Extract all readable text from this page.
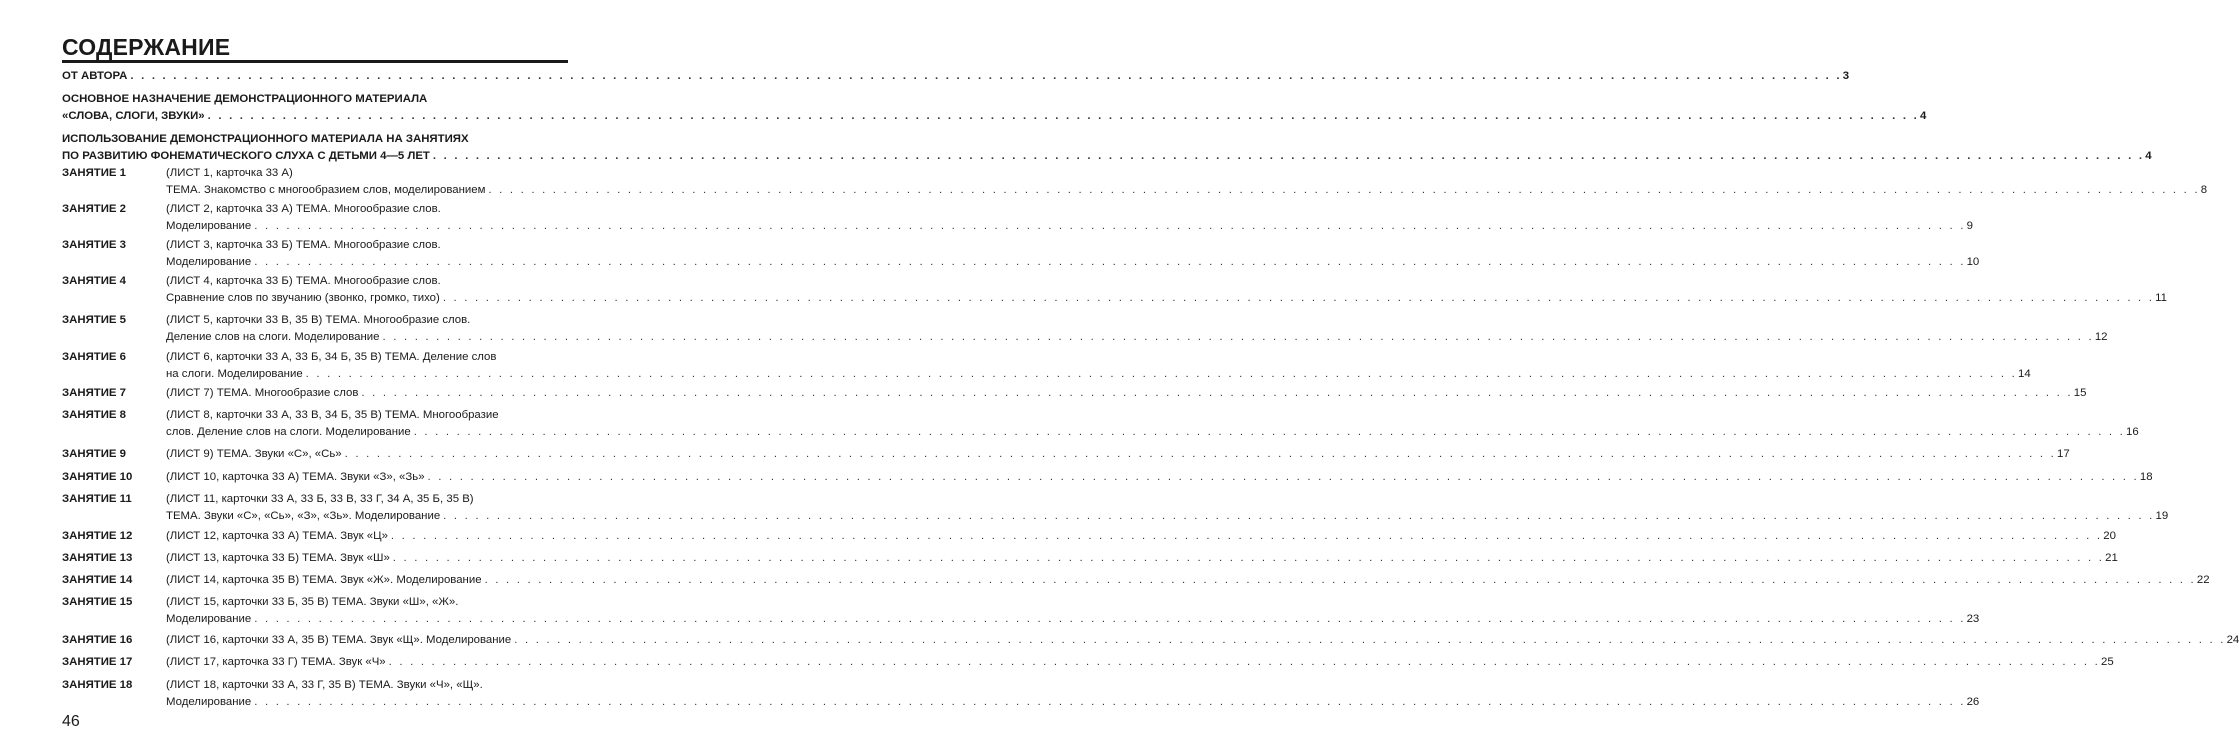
СОДЕРЖАНИЕ
ОТ АВТОРА . . . . . . . . . . . . . . . . . . . . . . . . . . . . . . . . . . . . . . . . . . . . . . . . . . . . . . . . . . . . . . . . . . . . . . . . . . . . . . . . . . . . . . . . . . . . . . . . . . . . . . . . . . . . . . . . . . . . . . . . . . . . . . . . . . . . . . . . . . . . . . . . . . . . . . . . . . . . . . . . 3
ОСНОВНОЕ НАЗНАЧЕНИЕ ДЕМОНСТРАЦИОННОГО МАТЕРИАЛА
«СЛОВА, СЛОГИ, ЗВУКИ» . . . . . . . . . . . . . . . . . . . . . . . . . . . . . . . . . . . . . . . . . . . . . . . . . . . . . . . . . . . . . . . . . . . . . . . . . . . . . . . . . . . . . . . . . . . . . . . . . . . . . . . . . . . . . . . . . . . . . . . . . . . . . . . . . . . . . . . . . . . . . . . . . . . . . . . . . . . . . . . . 4
ИСПОЛЬЗОВАНИЕ ДЕМОНСТРАЦИОННОГО МАТЕРИАЛА НА ЗАНЯТИЯХ
ПО РАЗВИТИЮ ФОНЕМАТИЧЕСКОГО СЛУХА С ДЕТЬМИ 4—5 ЛЕТ . . . . . . . . . . . . . . . . . . . . . . . . . . . . . . . . . . . . . . . . . . . . . . . . . . . . . . . . . . . . . . . . . . . . . . . . . . . . . . . . . . . . . . . . . . . . . . . . . . . . . . . . . . . . . . . . . . . . . . . . . . . . . . . . . . . . . . . . . . . . . . . . . . . . . . . . . . . . . . . . 4
ЗАНЯТИЕ 1	(ЛИСТ 1, карточка 33 А)
ТЕМА. Знакомство с многообразием слов, моделированием . . . . . . . . . . . . . . . . . . . . . . . . . . . . . . . . . . . . . . . . . . . . . . . . . . . . . . . . . . . . . . . . . . . . . . . . . . . . . . . . . . . . . . . . . . . . . . . . . . . . . . . . . . . . . . . . . . . . . . . . . . . . . . . . . . . . . . . . . . . . . . . . . . . . . . . . . . . . . . . . 8
ЗАНЯТИЕ 2	(ЛИСТ 2, карточка 33 А) ТЕМА. Многообразие слов.
Моделирование . . . . . . . . . . . . . . . . . . . . . . . . . . . . . . . . . . . . . . . . . . . . . . . . . . . . . . . . . . . . . . . . . . . . . . . . . . . . . . . . . . . . . . . . . . . . . . . . . . . . . . . . . . . . . . . . . . . . . . . . . . . . . . . . . . . . . . . . . . . . . . . . . . . . . . . . . . . . . . . . 9
ЗАНЯТИЕ 3	(ЛИСТ 3, карточка 33 Б) ТЕМА. Многообразие слов.
Моделирование . . . . . . . . . . . . . . . . . . . . . . . . . . . . . . . . . . . . . . . . . . . . . . . . . . . . . . . . . . . . . . . . . . . . . . . . . . . . . . . . . . . . . . . . . . . . . . . . . . . . . . . . . . . . . . . . . . . . . . . . . . . . . . . . . . . . . . . . . . . . . . . . . . . . . . . . . . . . . . . . 10
ЗАНЯТИЕ 4	(ЛИСТ 4, карточка 33 Б) ТЕМА. Многообразие слов.
Сравнение слов по звучанию (звонко, громко, тихо) . . . . . . . . . . . . . . . . . . . . . . . . . . . . . . . . . . . . . . . . . . . . . . . . . . . . . . . . . . . . . . . . . . . . . . . . . . . . . . . . . . . . . . . . . . . . . . . . . . . . . . . . . . . . . . . . . . . . . . . . . . . . . . . . . . . . . . . . . . . . . . . . . . . . . . . . . . . . . . . . 11
ЗАНЯТИЕ 5	(ЛИСТ 5, карточки 33 В, 35 В) ТЕМА. Многообразие слов.
Деление слов на слоги. Моделирование . . . . . . . . . . . . . . . . . . . . . . . . . . . . . . . . . . . . . . . . . . . . . . . . . . . . . . . . . . . . . . . . . . . . . . . . . . . . . . . . . . . . . . . . . . . . . . . . . . . . . . . . . . . . . . . . . . . . . . . . . . . . . . . . . . . . . . . . . . . . . . . . . . . . . . . . . . . . . . . . 12
ЗАНЯТИЕ 6	(ЛИСТ 6, карточки 33 А, 33 Б, 34 Б, 35 В) ТЕМА. Деление слов
на слоги. Моделирование . . . . . . . . . . . . . . . . . . . . . . . . . . . . . . . . . . . . . . . . . . . . . . . . . . . . . . . . . . . . . . . . . . . . . . . . . . . . . . . . . . . . . . . . . . . . . . . . . . . . . . . . . . . . . . . . . . . . . . . . . . . . . . . . . . . . . . . . . . . . . . . . . . . . . . . . . . . . . . . . 14
ЗАНЯТИЕ 7	(ЛИСТ 7) ТЕМА. Многообразие слов . . . . . . . . . . . . . . . . . . . . . . . . . . . . . . . . . . . . . . . . . . . . . . . . . . . . . . . . . . . . . . . . . . . . . . . . . . . . . . . . . . . . . . . . . . . . . . . . . . . . . . . . . . . . . . . . . . . . . . . . . . . . . . . . . . . . . . . . . . . . . . . . . . . . . . . . . . . . . . . . 15
ЗАНЯТИЕ 8	(ЛИСТ 8, карточки 33 А, 33 В, 34 Б, 35 В) ТЕМА. Многообразие
слов. Деление слов на слоги. Моделирование . . . . . . . . . . . . . . . . . . . . . . . . . . . . . . . . . . . . . . . . . . . . . . . . . . . . . . . . . . . . . . . . . . . . . . . . . . . . . . . . . . . . . . . . . . . . . . . . . . . . . . . . . . . . . . . . . . . . . . . . . . . . . . . . . . . . . . . . . . . . . . . . . . . . . . . . . . . . . . . . 16
ЗАНЯТИЕ 9	(ЛИСТ 9) ТЕМА. Звуки «С», «Сь» . . . . . . . . . . . . . . . . . . . . . . . . . . . . . . . . . . . . . . . . . . . . . . . . . . . . . . . . . . . . . . . . . . . . . . . . . . . . . . . . . . . . . . . . . . . . . . . . . . . . . . . . . . . . . . . . . . . . . . . . . . . . . . . . . . . . . . . . . . . . . . . . . . . . . . . . . . . . . . . . 17
ЗАНЯТИЕ 10	(ЛИСТ 10, карточка 33 А) ТЕМА. Звуки «З», «Зь» . . . . . . . . . . . . . . . . . . . . . . . . . . . . . . . . . . . . . . . . . . . . . . . . . . . . . . . . . . . . . . . . . . . . . . . . . . . . . . . . . . . . . . . . . . . . . . . . . . . . . . . . . . . . . . . . . . . . . . . . . . . . . . . . . . . . . . . . . . . . . . . . . . . . . . . . . . . . . . . . 18
ЗАНЯТИЕ 11	(ЛИСТ 11, карточки 33 А, 33 Б, 33 В, 33 Г, 34 А, 35 Б, 35 В)
ТЕМА. Звуки «С», «Сь», «З», «Зь». Моделирование . . . . . . . . . . . . . . . . . . . . . . . . . . . . . . . . . . . . . . . . . . . . . . . . . . . . . . . . . . . . . . . . . . . . . . . . . . . . . . . . . . . . . . . . . . . . . . . . . . . . . . . . . . . . . . . . . . . . . . . . . . . . . . . . . . . . . . . . . . . . . . . . . . . . . . . . . . . . . . . . 19
ЗАНЯТИЕ 12	(ЛИСТ 12, карточка 33 А) ТЕМА. Звук «Ц» . . . . . . . . . . . . . . . . . . . . . . . . . . . . . . . . . . . . . . . . . . . . . . . . . . . . . . . . . . . . . . . . . . . . . . . . . . . . . . . . . . . . . . . . . . . . . . . . . . . . . . . . . . . . . . . . . . . . . . . . . . . . . . . . . . . . . . . . . . . . . . . . . . . . . . . . . . . . . . . . 20
ЗАНЯТИЕ 13	(ЛИСТ 13, карточка 33 Б) ТЕМА. Звук «Ш» . . . . . . . . . . . . . . . . . . . . . . . . . . . . . . . . . . . . . . . . . . . . . . . . . . . . . . . . . . . . . . . . . . . . . . . . . . . . . . . . . . . . . . . . . . . . . . . . . . . . . . . . . . . . . . . . . . . . . . . . . . . . . . . . . . . . . . . . . . . . . . . . . . . . . . . . . . . . . . . . 21
ЗАНЯТИЕ 14	(ЛИСТ 14, карточка 35 В) ТЕМА. Звук «Ж». Моделирование . . . . . . . . . . . . . . . . . . . . . . . . . . . . . . . . . . . . . . . . . . . . . . . . . . . . . . . . . . . . . . . . . . . . . . . . . . . . . . . . . . . . . . . . . . . . . . . . . . . . . . . . . . . . . . . . . . . . . . . . . . . . . . . . . . . . . . . . . . . . . . . . . . . . . . . . . . . . . . . . 22
ЗАНЯТИЕ 15	(ЛИСТ 15, карточки 33 Б, 35 В) ТЕМА. Звуки «Ш», «Ж».
Моделирование . . . . . . . . . . . . . . . . . . . . . . . . . . . . . . . . . . . . . . . . . . . . . . . . . . . . . . . . . . . . . . . . . . . . . . . . . . . . . . . . . . . . . . . . . . . . . . . . . . . . . . . . . . . . . . . . . . . . . . . . . . . . . . . . . . . . . . . . . . . . . . . . . . . . . . . . . . . . . . . . 23
ЗАНЯТИЕ 16	(ЛИСТ 16, карточки 33 А, 35 В) ТЕМА. Звук «Щ». Моделирование . . . . . . . . . . . . . . . . . . . . . . . . . . . . . . . . . . . . . . . . . . . . . . . . . . . . . . . . . . . . . . . . . . . . . . . . . . . . . . . . . . . . . . . . . . . . . . . . . . . . . . . . . . . . . . . . . . . . . . . . . . . . . . . . . . . . . . . . . . . . . . . . . . . . . . . . . . . . . . . . 24
ЗАНЯТИЕ 17	(ЛИСТ 17, карточка 33 Г) ТЕМА. Звук «Ч» . . . . . . . . . . . . . . . . . . . . . . . . . . . . . . . . . . . . . . . . . . . . . . . . . . . . . . . . . . . . . . . . . . . . . . . . . . . . . . . . . . . . . . . . . . . . . . . . . . . . . . . . . . . . . . . . . . . . . . . . . . . . . . . . . . . . . . . . . . . . . . . . . . . . . . . . . . . . . . . . 25
ЗАНЯТИЕ 18	(ЛИСТ 18, карточки 33 А, 33 Г, 35 В) ТЕМА. Звуки «Ч», «Щ».
Моделирование . . . . . . . . . . . . . . . . . . . . . . . . . . . . . . . . . . . . . . . . . . . . . . . . . . . . . . . . . . . . . . . . . . . . . . . . . . . . . . . . . . . . . . . . . . . . . . . . . . . . . . . . . . . . . . . . . . . . . . . . . . . . . . . . . . . . . . . . . . . . . . . . . . . . . . . . . . . . . . . . 26
46
